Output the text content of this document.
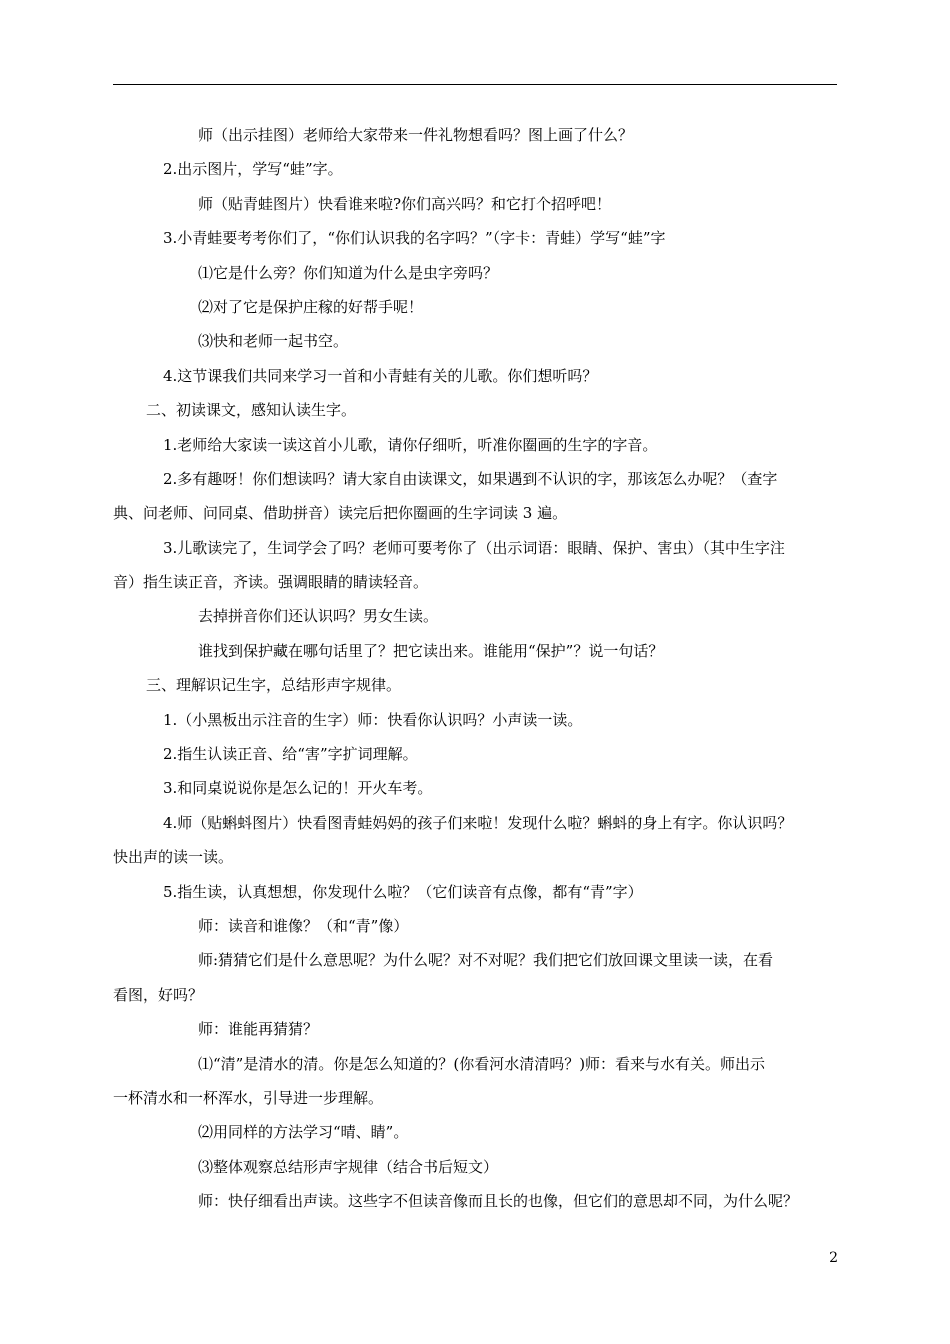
师（出示挂图）老师给大家带来一件礼物想看吗？图上画了什么？
2.出示图片，学写“蛙”字。
师（贴青蛙图片）快看谁来啦?你们高兴吗？和它打个招呼吧！
3.小青蛙要考考你们了，“你们认识我的名字吗？”（字卡：青蛙）学写“蛙”字
⑴它是什么旁？你们知道为什么是虫字旁吗？
⑵对了它是保护庄稼的好帮手呢！
⑶快和老师一起书空。
4.这节课我们共同来学习一首和小青蛙有关的儿歌。你们想听吗？
二、初读课文，感知认读生字。
1.老师给大家读一读这首小儿歌，请你仔细听，听准你圈画的生字的字音。
2.多有趣呀！你们想读吗？请大家自由读课文，如果遇到不认识的字，那该怎么办呢？（查字
典、问老师、问同桌、借助拼音）读完后把你圈画的生字词读 3 遍。
3.儿歌读完了，生词学会了吗？老师可要考你了（出示词语：眼睛、保护、害虫）（其中生字注
音）指生读正音，齐读。强调眼睛的睛读轻音。
去掉拼音你们还认识吗？男女生读。
谁找到保护藏在哪句话里了？把它读出来。谁能用“保护”？说一句话？
三、理解识记生字，总结形声字规律。
1.（小黑板出示注音的生字）师：快看你认识吗？小声读一读。
2.指生认读正音、给“害”字扩词理解。
3.和同桌说说你是怎么记的！开火车考。
4.师（贴蝌蚪图片）快看图青蛙妈妈的孩子们来啦！发现什么啦？蝌蚪的身上有字。你认识吗？
快出声的读一读。
5.指生读，认真想想，你发现什么啦？（它们读音有点像，都有“青”字）
师：读音和谁像？（和“青”像）
师:猜猜它们是什么意思呢？为什么呢？对不对呢？我们把它们放回课文里读一读，在看
看图，好吗？
师：谁能再猜猜？
⑴“清”是清水的清。你是怎么知道的？(你看河水清清吗？)师：看来与水有关。师出示
一杯清水和一杯浑水，引导进一步理解。
⑵用同样的方法学习“晴、睛”。
⑶整体观察总结形声字规律（结合书后短文）
师：快仔细看出声读。这些字不但读音像而且长的也像，但它们的意思却不同，为什么呢？
2
